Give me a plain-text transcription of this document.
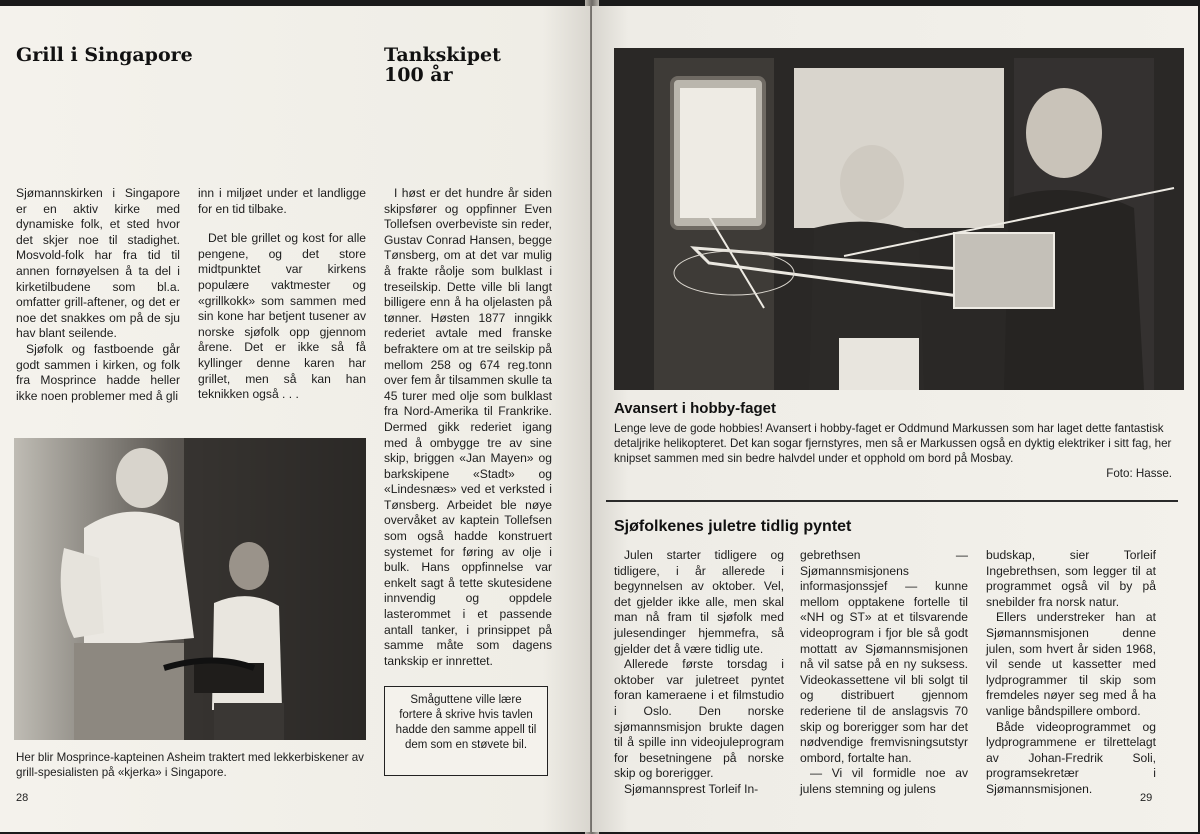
Grill i Singapore	Tankskipet 100 år

Sjømannskirken i Singapore er en aktiv kirke med dynamiske folk, et sted hvor det skjer noe til stadighet. Mosvold-folk har fra tid til annen fornøyelsen å ta del i kirketilbudene som bl.a. omfatter grill-aftener, og det er noe det snakkes om på de sju hav blant seilende.

Sjøfolk og fastboende går godt sammen i kirken, og folk fra Mosprince hadde heller ikke noen problemer med å gli

inn i miljøet under et landligge for en tid tilbake.

Det ble grillet og kost for alle pengene, og det store midtpunktet var kirkens populære vaktmester og «grillkokk» som sammen med sin kone har betjent tusener av norske sjøfolk opp gjennom årene. Det er ikke så få kyllinger denne karen har grillet, men så kan han teknikken også . . .

I høst er det hundre år siden skipsfører og oppfinner Even Tollefsen overbeviste sin reder, Gustav Conrad Hansen, begge Tønsberg, om at det var mulig å frakte råolje som bulklast i treseilskip. Dette ville bli langt billigere enn å ha oljelasten på tønner. Høsten 1877 inngikk rederiet avtale med franske befraktere om at tre seilskip på mellom 258 og 674 reg.tonn over fem år tilsammen skulle ta 45 turer med olje som bulklast fra Nord-Amerika til Frankrike. Dermed gikk rederiet igang med å ombygge tre av sine skip, briggen «Jan Mayen» og barkskipene «Stadt» og «Lindesnæs» ved et verksted i Tønsberg. Arbeidet ble nøye overvåket av kaptein Tollefsen som også hadde konstruert systemet for føring av olje i bulk. Hans oppfinnelse var enkelt sagt å tette skutesidene innvendig og oppdele lasterommet i et passende antall tanker, i prinsippet på samme måte som dagens tankskip er innrettet.

Småguttene ville lære fortere å skrive hvis tavlen hadde den samme appell til dem som en støvete bil.
Her blir Mosprince-kapteinen Asheim traktert med lekkerbiskener av grill-spesialisten på «kjerka» i Singapore.
28
Avansert i hobby-faget
Lenge leve de gode hobbies! Avansert i hobby-faget er Oddmund Markussen som har laget dette fantastisk detaljrike helikopteret. Det kan sogar fjernstyres, men så er Markussen også en dyktig elektriker i sitt fag, her knipset sammen med sin bedre halvdel under et opphold om bord på Mosbay.
Foto: Hasse.
Sjøfolkenes juletre tidlig pyntet

Julen starter tidligere og tidligere, i år allerede i begynnelsen av oktober. Vel, det gjelder ikke alle, men skal man nå fram til sjøfolk med julesendinger hjemmefra, så gjelder det å være tidlig ute.

Allerede første torsdag i oktober var juletreet pyntet foran kameraene i et filmstudio i Oslo. Den norske sjømannsmisjon brukte dagen til å spille inn videojuleprogram for besetningene på norske skip og borerigger.

Sjømannsprest Torleif In-

gebrethsen — Sjømannsmisjonens informasjonssjef — kunne mellom opptakene fortelle til «NH og ST» at et tilsvarende videoprogram i fjor ble så godt mottatt av Sjømannsmisjonen nå vil satse på en ny suksess. Videokassettene vil bli solgt til og distribuert gjennom rederiene til de anslagsvis 70 skip og borerigger som har det nødvendige fremvisningsutstyr ombord, fortalte han.

— Vi vil formidle noe av julens stemning og julens

budskap, sier Torleif Ingebrethsen, som legger til at programmet også vil by på snebilder fra norsk natur.

Ellers understreker han at Sjømannsmisjonen denne julen, som hvert år siden 1968, vil sende ut kassetter med lydprogrammer til skip som fremdeles nøyer seg med å ha vanlige båndspillere ombord.

Både videoprogrammet og lydprogrammene er tilrettelagt av Johan-Fredrik Soli, programsekretær i Sjømannsmisjonen.

29
